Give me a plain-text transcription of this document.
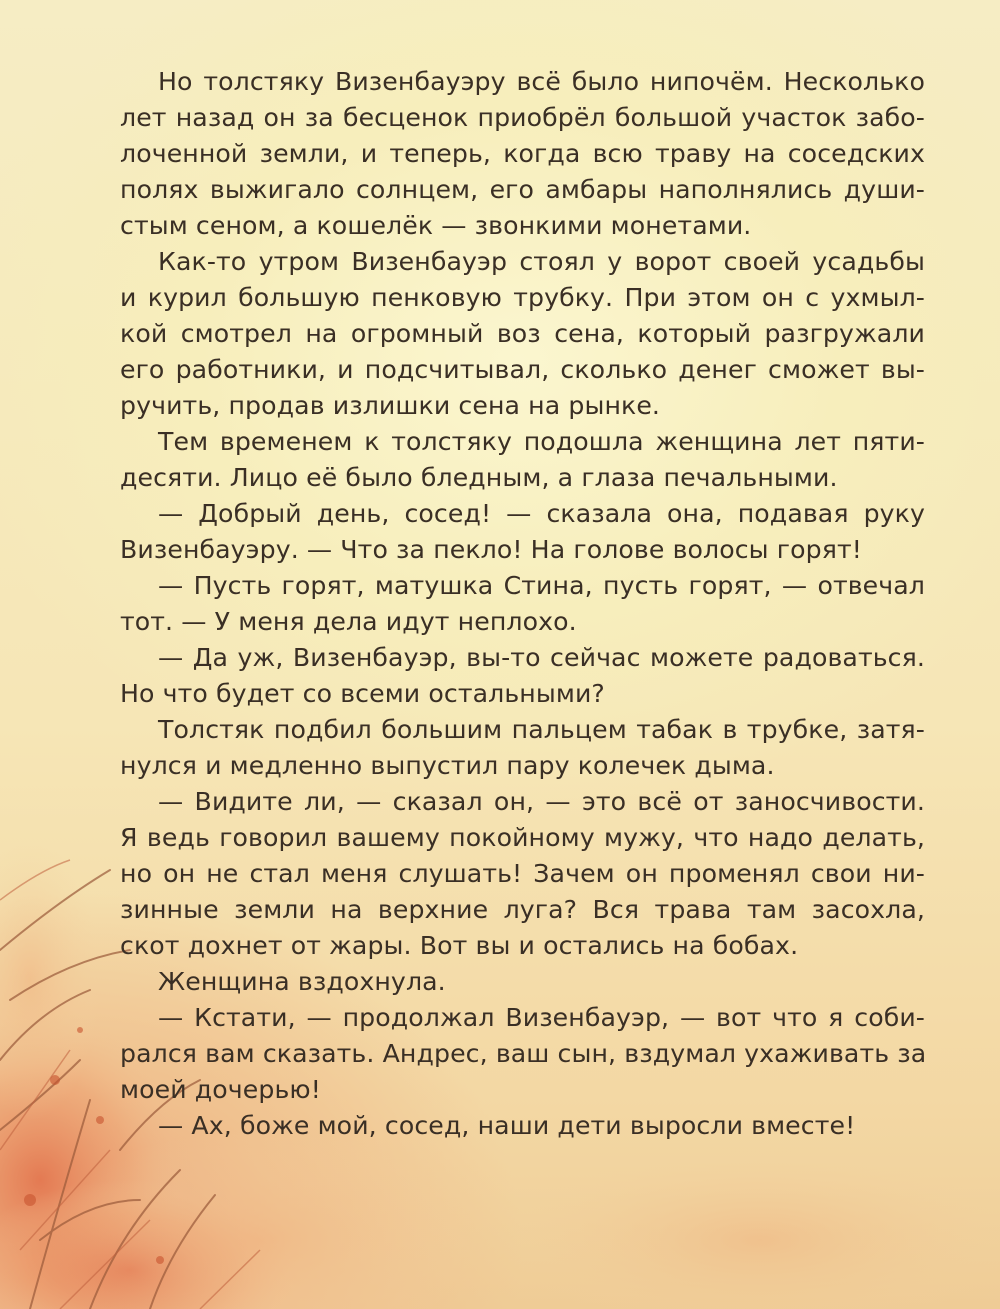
Но толстяку Визенбауэру всё было нипочём. Несколько
лет назад он за бесценок приобрёл большой участок забо-
лоченной земли, и теперь, когда всю траву на соседских
полях выжигало солнцем, его амбары наполнялись души-
стым сеном, а кошелёк — звонкими монетами.
Как-то утром Визенбауэр стоял у ворот своей усадьбы
и курил большую пенковую трубку. При этом он с ухмыл-
кой смотрел на огромный воз сена, который разгружали
его работники, и подсчитывал, сколько денег сможет вы-
ручить, продав излишки сена на рынке.
Тем временем к толстяку подошла женщина лет пяти-
десяти. Лицо её было бледным, а глаза печальными.
— Добрый день, сосед! — сказала она, подавая руку
Визенбауэру. — Что за пекло! На голове волосы горят!
— Пусть горят, матушка Стина, пусть горят, — отвечал
тот. — У меня дела идут неплохо.
— Да уж, Визенбауэр, вы-то сейчас можете радоваться.
Но что будет со всеми остальными?
Толстяк подбил большим пальцем табак в трубке, затя-
нулся и медленно выпустил пару колечек дыма.
— Видите ли, — сказал он, — это всё от заносчивости.
Я ведь говорил вашему покойному мужу, что надо делать,
но он не стал меня слушать! Зачем он променял свои ни-
зинные земли на верхние луга? Вся трава там засохла,
скот дохнет от жары. Вот вы и остались на бобах.
Женщина вздохнула.
— Кстати, — продолжал Визенбауэр, — вот что я соби-
рался вам сказать. Андрес, ваш сын, вздумал ухаживать за
моей дочерью!
— Ах, боже мой, сосед, наши дети выросли вместе!
